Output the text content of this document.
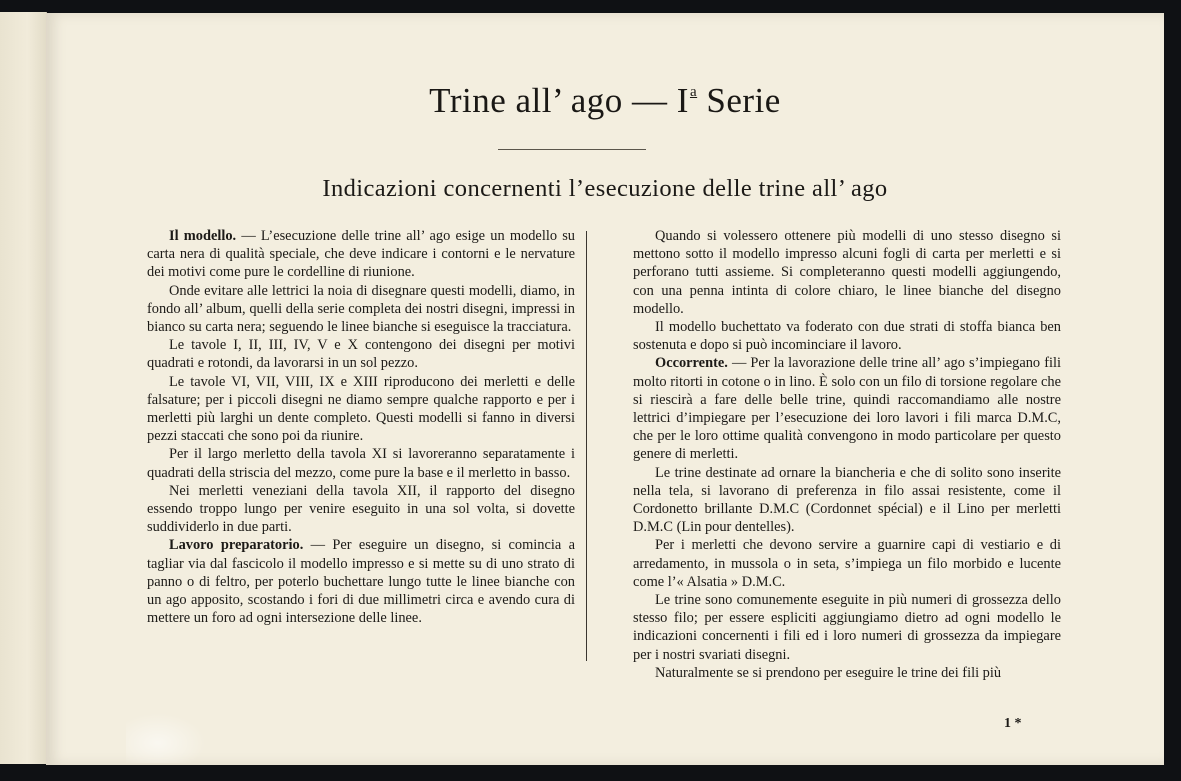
Trine all’ ago — $I^a$ Serie
Indicazioni concernenti l’esecuzione delle trine all’ ago

Il modello. — L’esecuzione delle trine all’ ago esige un modello su carta nera di qualità speciale, che deve indicare i contorni e le nervature dei motivi come pure le cordelline di riunione.

Onde evitare alle lettrici la noia di disegnare questi modelli, diamo, in fondo all’ album, quelli della serie completa dei nostri disegni, impressi in bianco su carta nera; seguendo le linee bianche si eseguisce la tracciatura.

Le tavole I, II, III, IV, V e X contengono dei disegni per motivi quadrati e rotondi, da lavorarsi in un sol pezzo.

Le tavole VI, VII, VIII, IX e XIII riproducono dei merletti e delle falsature; per i piccoli disegni ne diamo sempre qualche rapporto e per i merletti più larghi un dente completo. Questi modelli si fanno in diversi pezzi staccati che sono poi da riunire.

Per il largo merletto della tavola XI si lavoreranno separatamente i quadrati della striscia del mezzo, come pure la base e il merletto in basso.

Nei merletti veneziani della tavola XII, il rapporto del disegno essendo troppo lungo per venire eseguito in una sol volta, si dovette suddividerlo in due parti.

Lavoro preparatorio. — Per eseguire un disegno, si comincia a tagliar via dal fascicolo il modello impresso e si mette su di uno strato di panno o di feltro, per poterlo buchettare lungo tutte le linee bianche con un ago apposito, scostando i fori di due millimetri circa e avendo cura di mettere un foro ad ogni intersezione delle linee.

Quando si volessero ottenere più modelli di uno stesso disegno si mettono sotto il modello impresso alcuni fogli di carta per merletti e si perforano tutti assieme. Si completeranno questi modelli aggiungendo, con una penna intinta di colore chiaro, le linee bianche del disegno modello.

Il modello buchettato va foderato con due strati di stoffa bianca ben sostenuta e dopo si può incominciare il lavoro.

Occorrente. — Per la lavorazione delle trine all’ ago s’impiegano fili molto ritorti in cotone o in lino. È solo con un filo di torsione regolare che si riescirà a fare delle belle trine, quindi raccomandiamo alle nostre lettrici d’impiegare per l’esecuzione dei loro lavori i fili marca D.M.C, che per le loro ottime qualità convengono in modo particolare per questo genere di merletti.

Le trine destinate ad ornare la biancheria e che di solito sono inserite nella tela, si lavorano di preferenza in filo assai resistente, come il Cordonetto brillante D.M.C (Cordonnet spécial) e il Lino per merletti D.M.C (Lin pour dentelles).

Per i merletti che devono servire a guarnire capi di vestiario e di arredamento, in mussola o in seta, s’impiega un filo morbido e lucente come l’« Alsatia » D.M.C.

Le trine sono comunemente eseguite in più numeri di grossezza dello stesso filo; per essere espliciti aggiungiamo dietro ad ogni modello le indicazioni concernenti i fili ed i loro numeri di grossezza da impiegare per i nostri svariati disegni.

Naturalmente se si prendono per eseguire le trine dei fili più

1 *
